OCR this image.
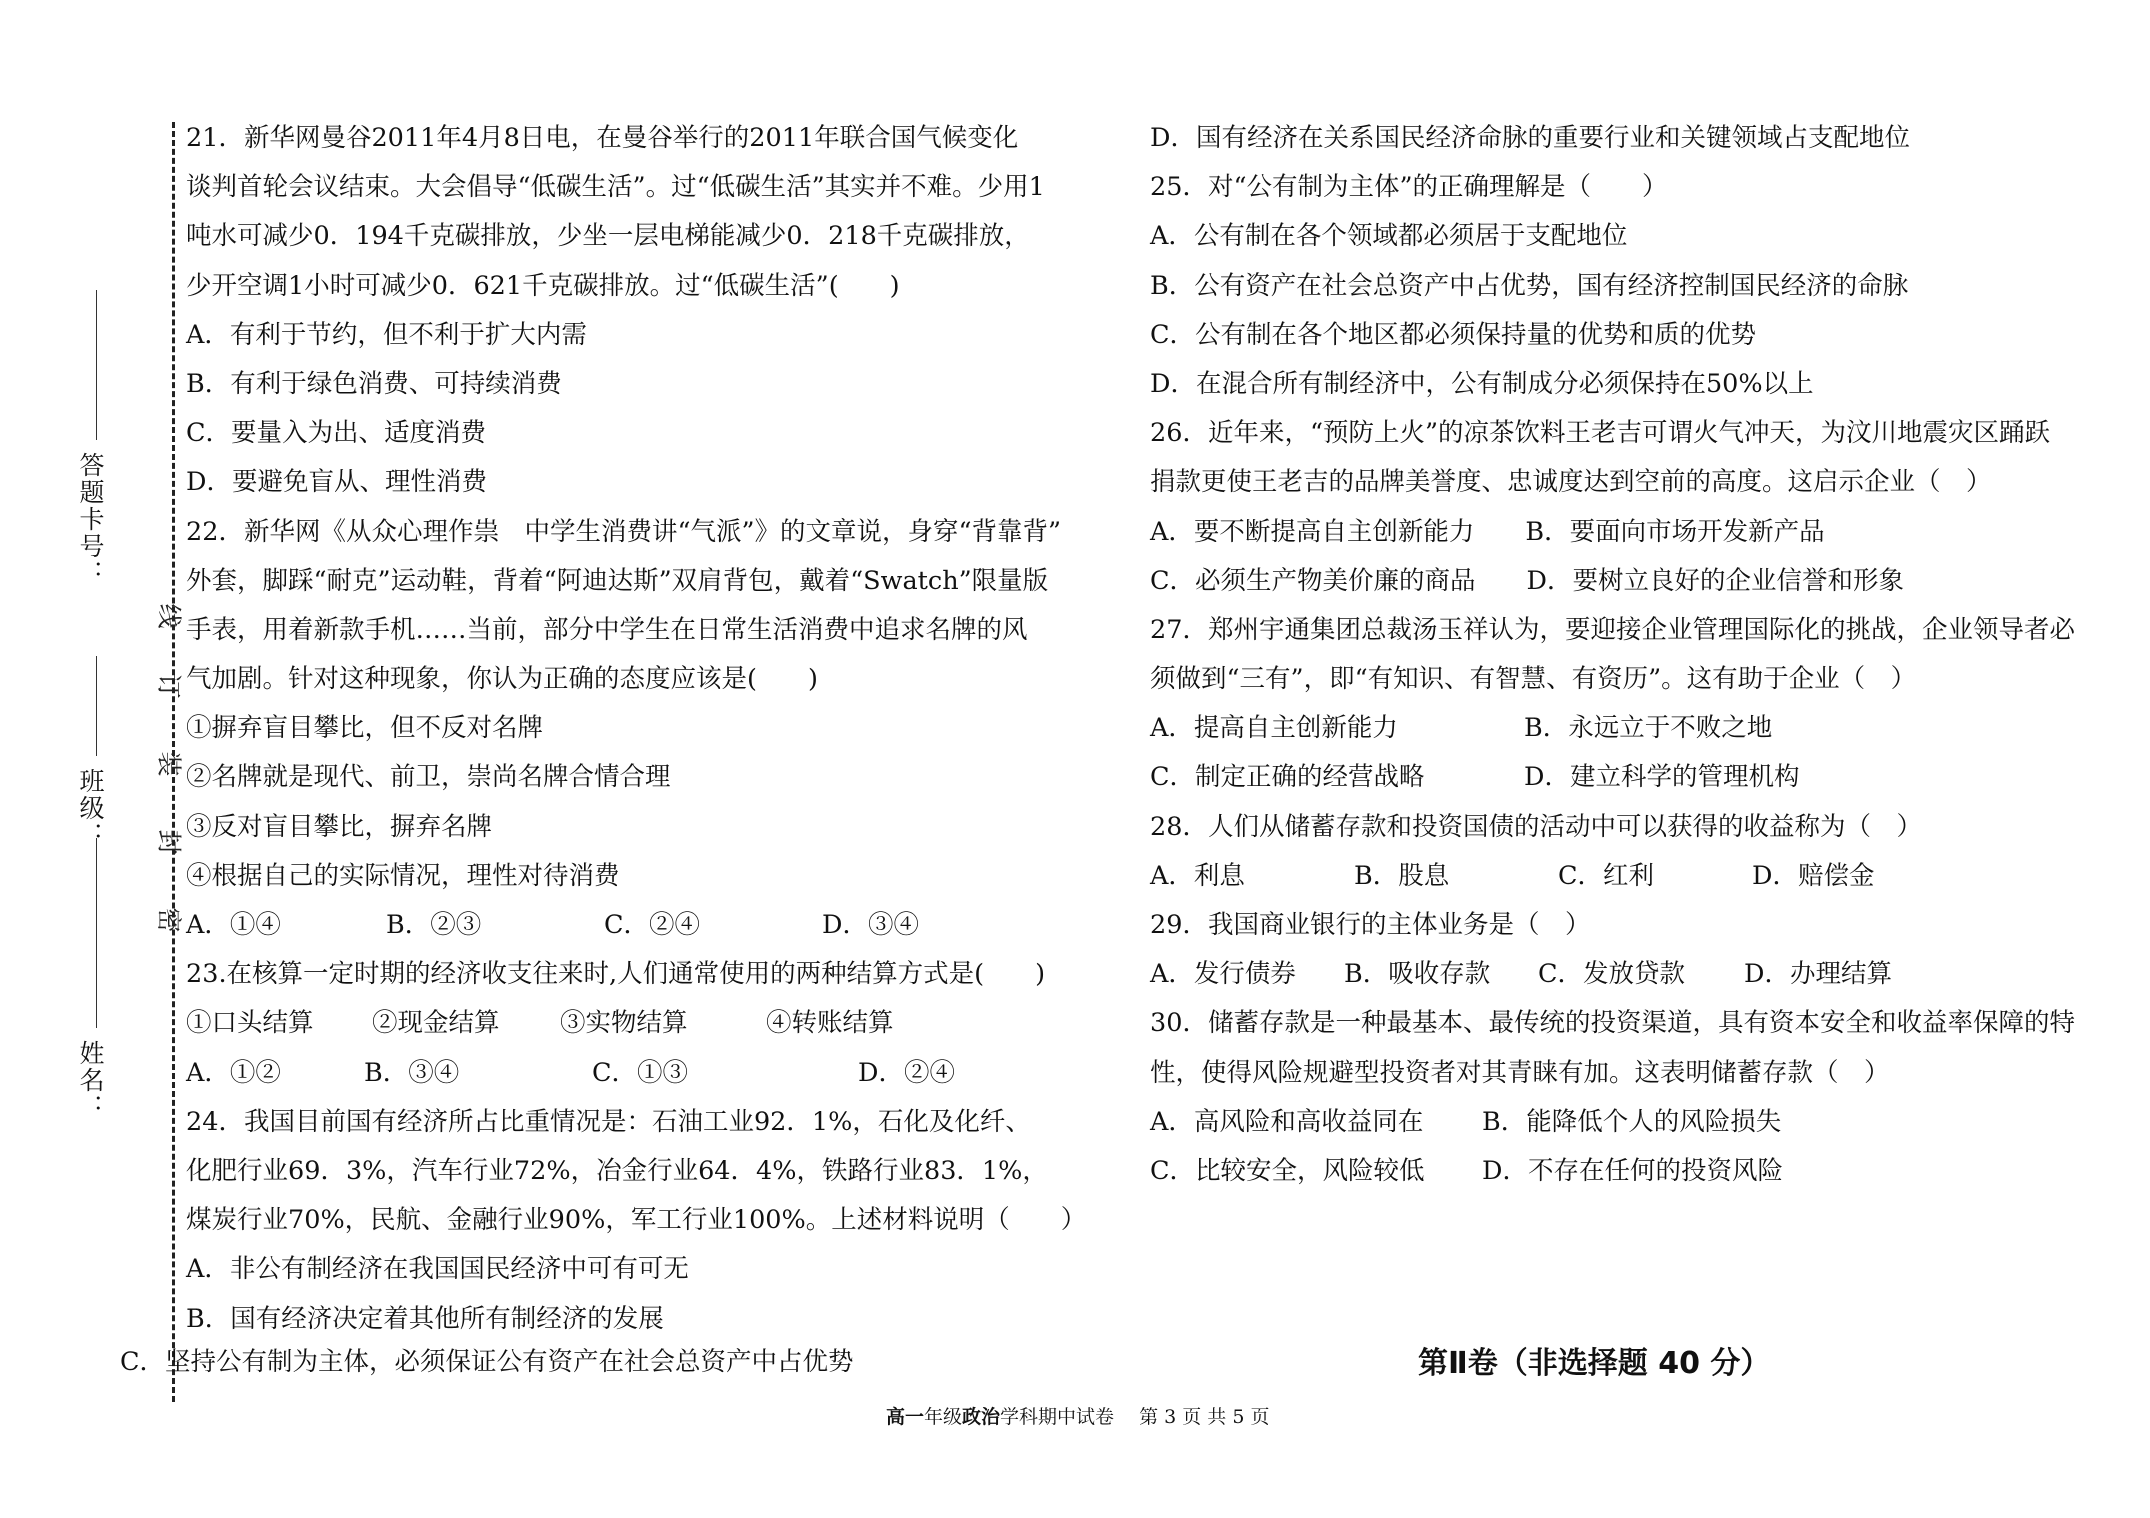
答题卡号：
班级：
姓名：
线
订
装
封
密
21．新华网曼谷2011年4月8日电，在曼谷举行的2011年联合国气候变化
谈判首轮会议结束。大会倡导“低碳生活”。过“低碳生活”其实并不难。少用1
吨水可减少0．194千克碳排放，少坐一层电梯能减少0．218千克碳排放，
少开空调1小时可减少0．621千克碳排放。过“低碳生活”(　　)
A．有利于节约，但不利于扩大内需
B．有利于绿色消费、可持续消费
C．要量入为出、适度消费
D．要避免盲从、理性消费
22．新华网《从众心理作祟　中学生消费讲“气派”》的文章说，身穿“背靠背”
外套，脚踩“耐克”运动鞋，背着“阿迪达斯”双肩背包，戴着“Swatch”限量版
手表，用着新款手机……当前，部分中学生在日常生活消费中追求名牌的风
气加剧。针对这种现象，你认为正确的态度应该是(　　)
①摒弃盲目攀比，但不反对名牌
②名牌就是现代、前卫，崇尚名牌合情合理
③反对盲目攀比，摒弃名牌
④根据自己的实际情况，理性对待消费
A．①④	B．②③	C．②④	D．③④
23.在核算一定时期的经济收支往来时,人们通常使用的两种结算方式是(　　)
①口头结算	②现金结算	③实物结算	④转账结算
A．①②	B．③④	C．①③	D．②④
24．我国目前国有经济所占比重情况是：石油工业92．1%，石化及化纤、
化肥行业69．3%，汽车行业72%，冶金行业64．4%，铁路行业83．1%，
煤炭行业70%，民航、金融行业90%，军工行业100%。上述材料说明（　　）
A．非公有制经济在我国国民经济中可有可无
B．国有经济决定着其他所有制经济的发展
C．坚持公有制为主体，必须保证公有资产在社会总资产中占优势
D．国有经济在关系国民经济命脉的重要行业和关键领域占支配地位
25．对“公有制为主体”的正确理解是（　　）
A．公有制在各个领域都必须居于支配地位
B．公有资产在社会总资产中占优势，国有经济控制国民经济的命脉
C．公有制在各个地区都必须保持量的优势和质的优势
D．在混合所有制经济中，公有制成分必须保持在50%以上
26．近年来，“预防上火”的凉茶饮料王老吉可谓火气冲天，为汶川地震灾区踊跃
捐款更使王老吉的品牌美誉度、忠诚度达到空前的高度。这启示企业（　）
A．要不断提高自主创新能力　　B．要面向市场开发新产品
C．必须生产物美价廉的商品　　D．要树立良好的企业信誉和形象
27．郑州宇通集团总裁汤玉祥认为，要迎接企业管理国际化的挑战，企业领导者必
须做到“三有”，即“有知识、有智慧、有资历”。这有助于企业（　）
A．提高自主创新能力	B．永远立于不败之地
C．制定正确的经营战略	D．建立科学的管理机构
28．人们从储蓄存款和投资国债的活动中可以获得的收益称为（　）
A．利息	B．股息	C．红利	D．赔偿金
29．我国商业银行的主体业务是（　）
A．发行债券	B．吸收存款	C．发放贷款	D．办理结算
30．储蓄存款是一种最基本、最传统的投资渠道，具有资本安全和收益率保障的特
性，使得风险规避型投资者对其青睐有加。这表明储蓄存款（　）
A．高风险和高收益同在	B．能降低个人的风险损失
C．比较安全，风险较低	D．不存在任何的投资风险
第Ⅱ卷（非选择题 40 分）
高一年级政治学科期中试卷　 第 3 页 共 5 页
